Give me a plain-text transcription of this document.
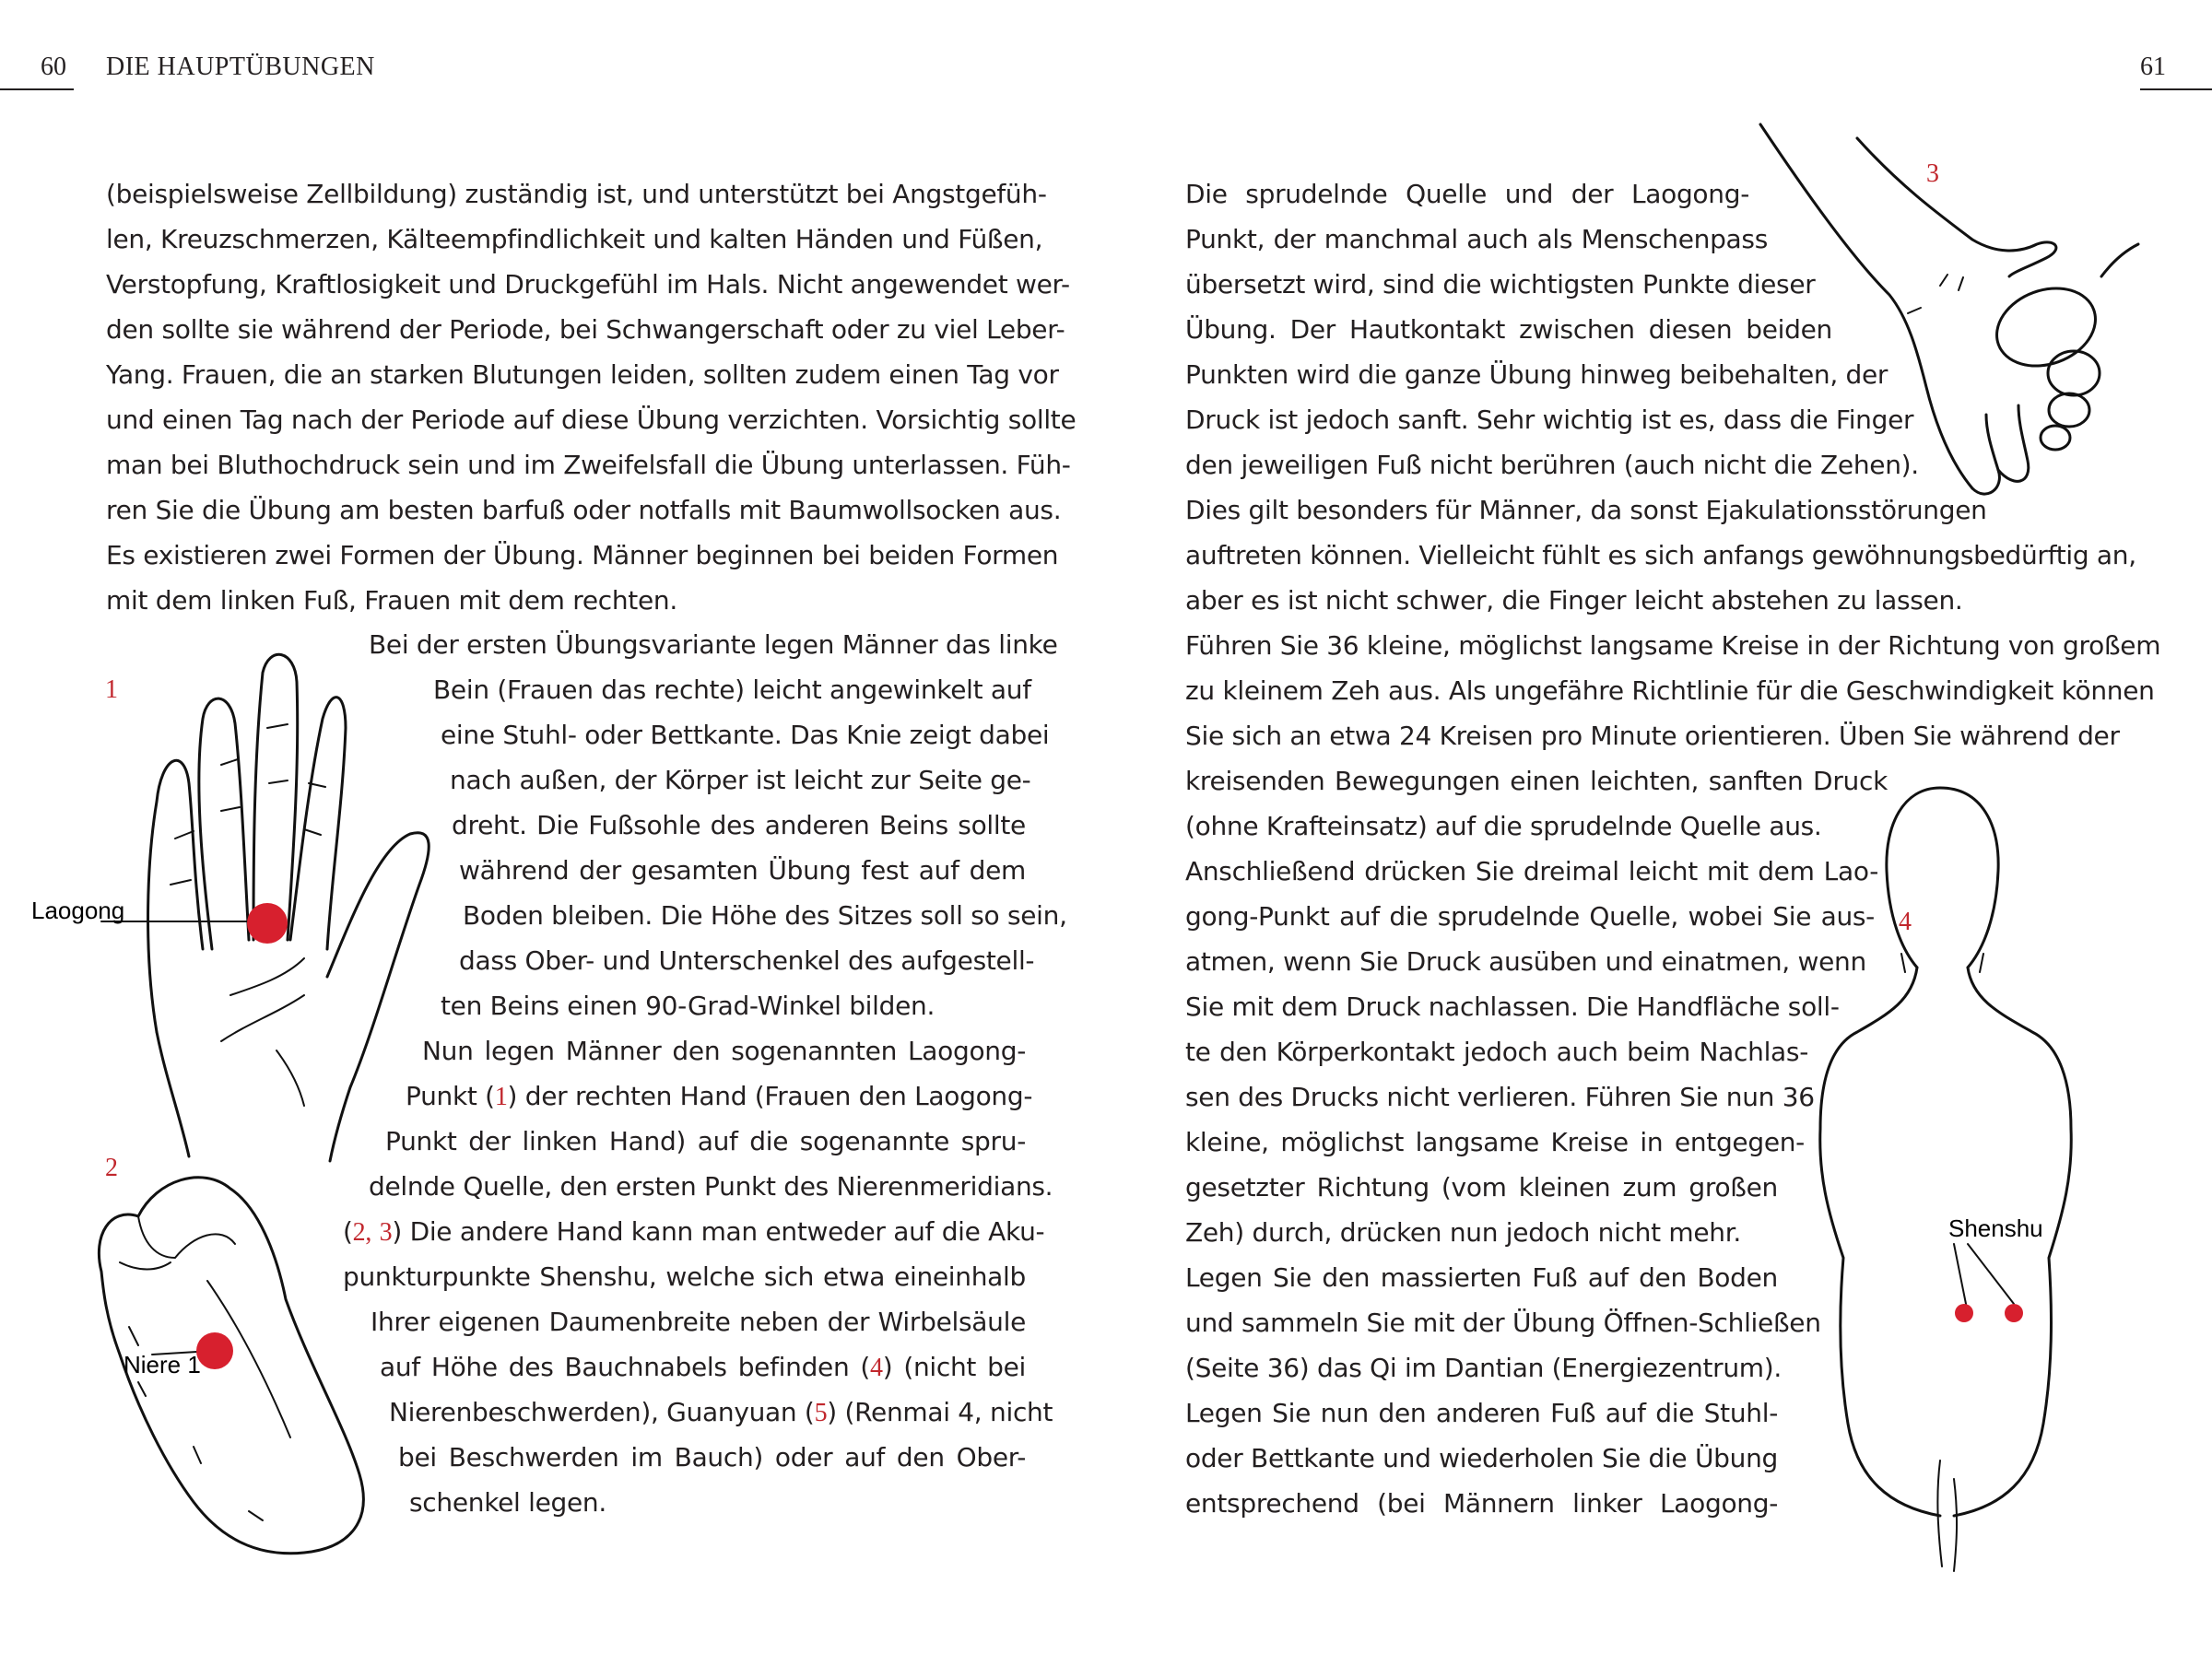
60 DIE HAUPTÜBUNGEN	61
(beispielsweise Zellbildung) zuständig ist, und unterstützt bei Angstgefüh-
len, Kreuzschmerzen, Kälteempfindlichkeit und kalten Händen und Füßen,
Verstopfung, Kraftlosigkeit und Druckgefühl im Hals. Nicht angewendet wer-
den sollte sie während der Periode, bei Schwangerschaft oder zu viel Leber-
Yang. Frauen, die an starken Blutungen leiden, sollten zudem einen Tag vor
und einen Tag nach der Periode auf diese Übung verzichten. Vorsichtig sollte
man bei Bluthochdruck sein und im Zweifelsfall die Übung unterlassen. Füh-
ren Sie die Übung am besten barfuß oder notfalls mit Baumwollsocken aus.
Es existieren zwei Formen der Übung. Männer beginnen bei beiden Formen
mit dem linken Fuß, Frauen mit dem rechten.
Bei der ersten Übungsvariante legen Männer das linke
Bein (Frauen das rechte) leicht angewinkelt auf
eine Stuhl- oder Bettkante. Das Knie zeigt dabei
nach außen, der Körper ist leicht zur Seite ge-
dreht. Die Fußsohle des anderen Beins sollte
während der gesamten Übung fest auf dem
Boden bleiben. Die Höhe des Sitzes soll so sein,
dass Ober- und Unterschenkel des aufgestell-
ten Beins einen 90-Grad-Winkel bilden.
Nun legen Männer den sogenannten Laogong-
Punkt (1) der rechten Hand (Frauen den Laogong-
Punkt der linken Hand) auf die sogenannte spru-
delnde Quelle, den ersten Punkt des Nierenmeridians.
(2, 3) Die andere Hand kann man entweder auf die Aku-
punkturpunkte Shenshu, welche sich etwa eineinhalb
Ihrer eigenen Daumenbreite neben der Wirbelsäule
auf Höhe des Bauchnabels befinden (4) (nicht bei
Nierenbeschwerden), Guanyuan (5) (Renmai 4, nicht
bei Beschwerden im Bauch) oder auf den Ober-
schenkel legen.
Die sprudelnde Quelle und der Laogong-
Punkt, der manchmal auch als Menschenpass
übersetzt wird, sind die wichtigsten Punkte dieser
Übung. Der Hautkontakt zwischen diesen beiden
Punkten wird die ganze Übung hinweg beibehalten, der
Druck ist jedoch sanft. Sehr wichtig ist es, dass die Finger
den jeweiligen Fuß nicht berühren (auch nicht die Zehen).
Dies gilt besonders für Männer, da sonst Ejakulationsstörungen
auftreten können. Vielleicht fühlt es sich anfangs gewöhnungsbedürftig an,
aber es ist nicht schwer, die Finger leicht abstehen zu lassen.
Führen Sie 36 kleine, möglichst langsame Kreise in der Richtung von großem
zu kleinem Zeh aus. Als ungefähre Richtlinie für die Geschwindigkeit können
Sie sich an etwa 24 Kreisen pro Minute orientieren. Üben Sie während der
kreisenden Bewegungen einen leichten, sanften Druck
(ohne Krafteinsatz) auf die sprudelnde Quelle aus.
Anschließend drücken Sie dreimal leicht mit dem Lao-
gong-Punkt auf die sprudelnde Quelle, wobei Sie aus-
atmen, wenn Sie Druck ausüben und einatmen, wenn
Sie mit dem Druck nachlassen. Die Handfläche soll-
te den Körperkontakt jedoch auch beim Nachlas-
sen des Drucks nicht verlieren. Führen Sie nun 36
kleine, möglichst langsame Kreise in entgegen-
gesetzter Richtung (vom kleinen zum großen
Zeh) durch, drücken nun jedoch nicht mehr.
Legen Sie den massierten Fuß auf den Boden
und sammeln Sie mit der Übung Öffnen-Schließen
(Seite 36) das Qi im Dantian (Energiezentrum).
Legen Sie nun den anderen Fuß auf die Stuhl-
oder Bettkante und wiederholen Sie die Übung
entsprechend (bei Männern linker Laogong-
1
Laogong
2
Niere 1
3
4
Shenshu
